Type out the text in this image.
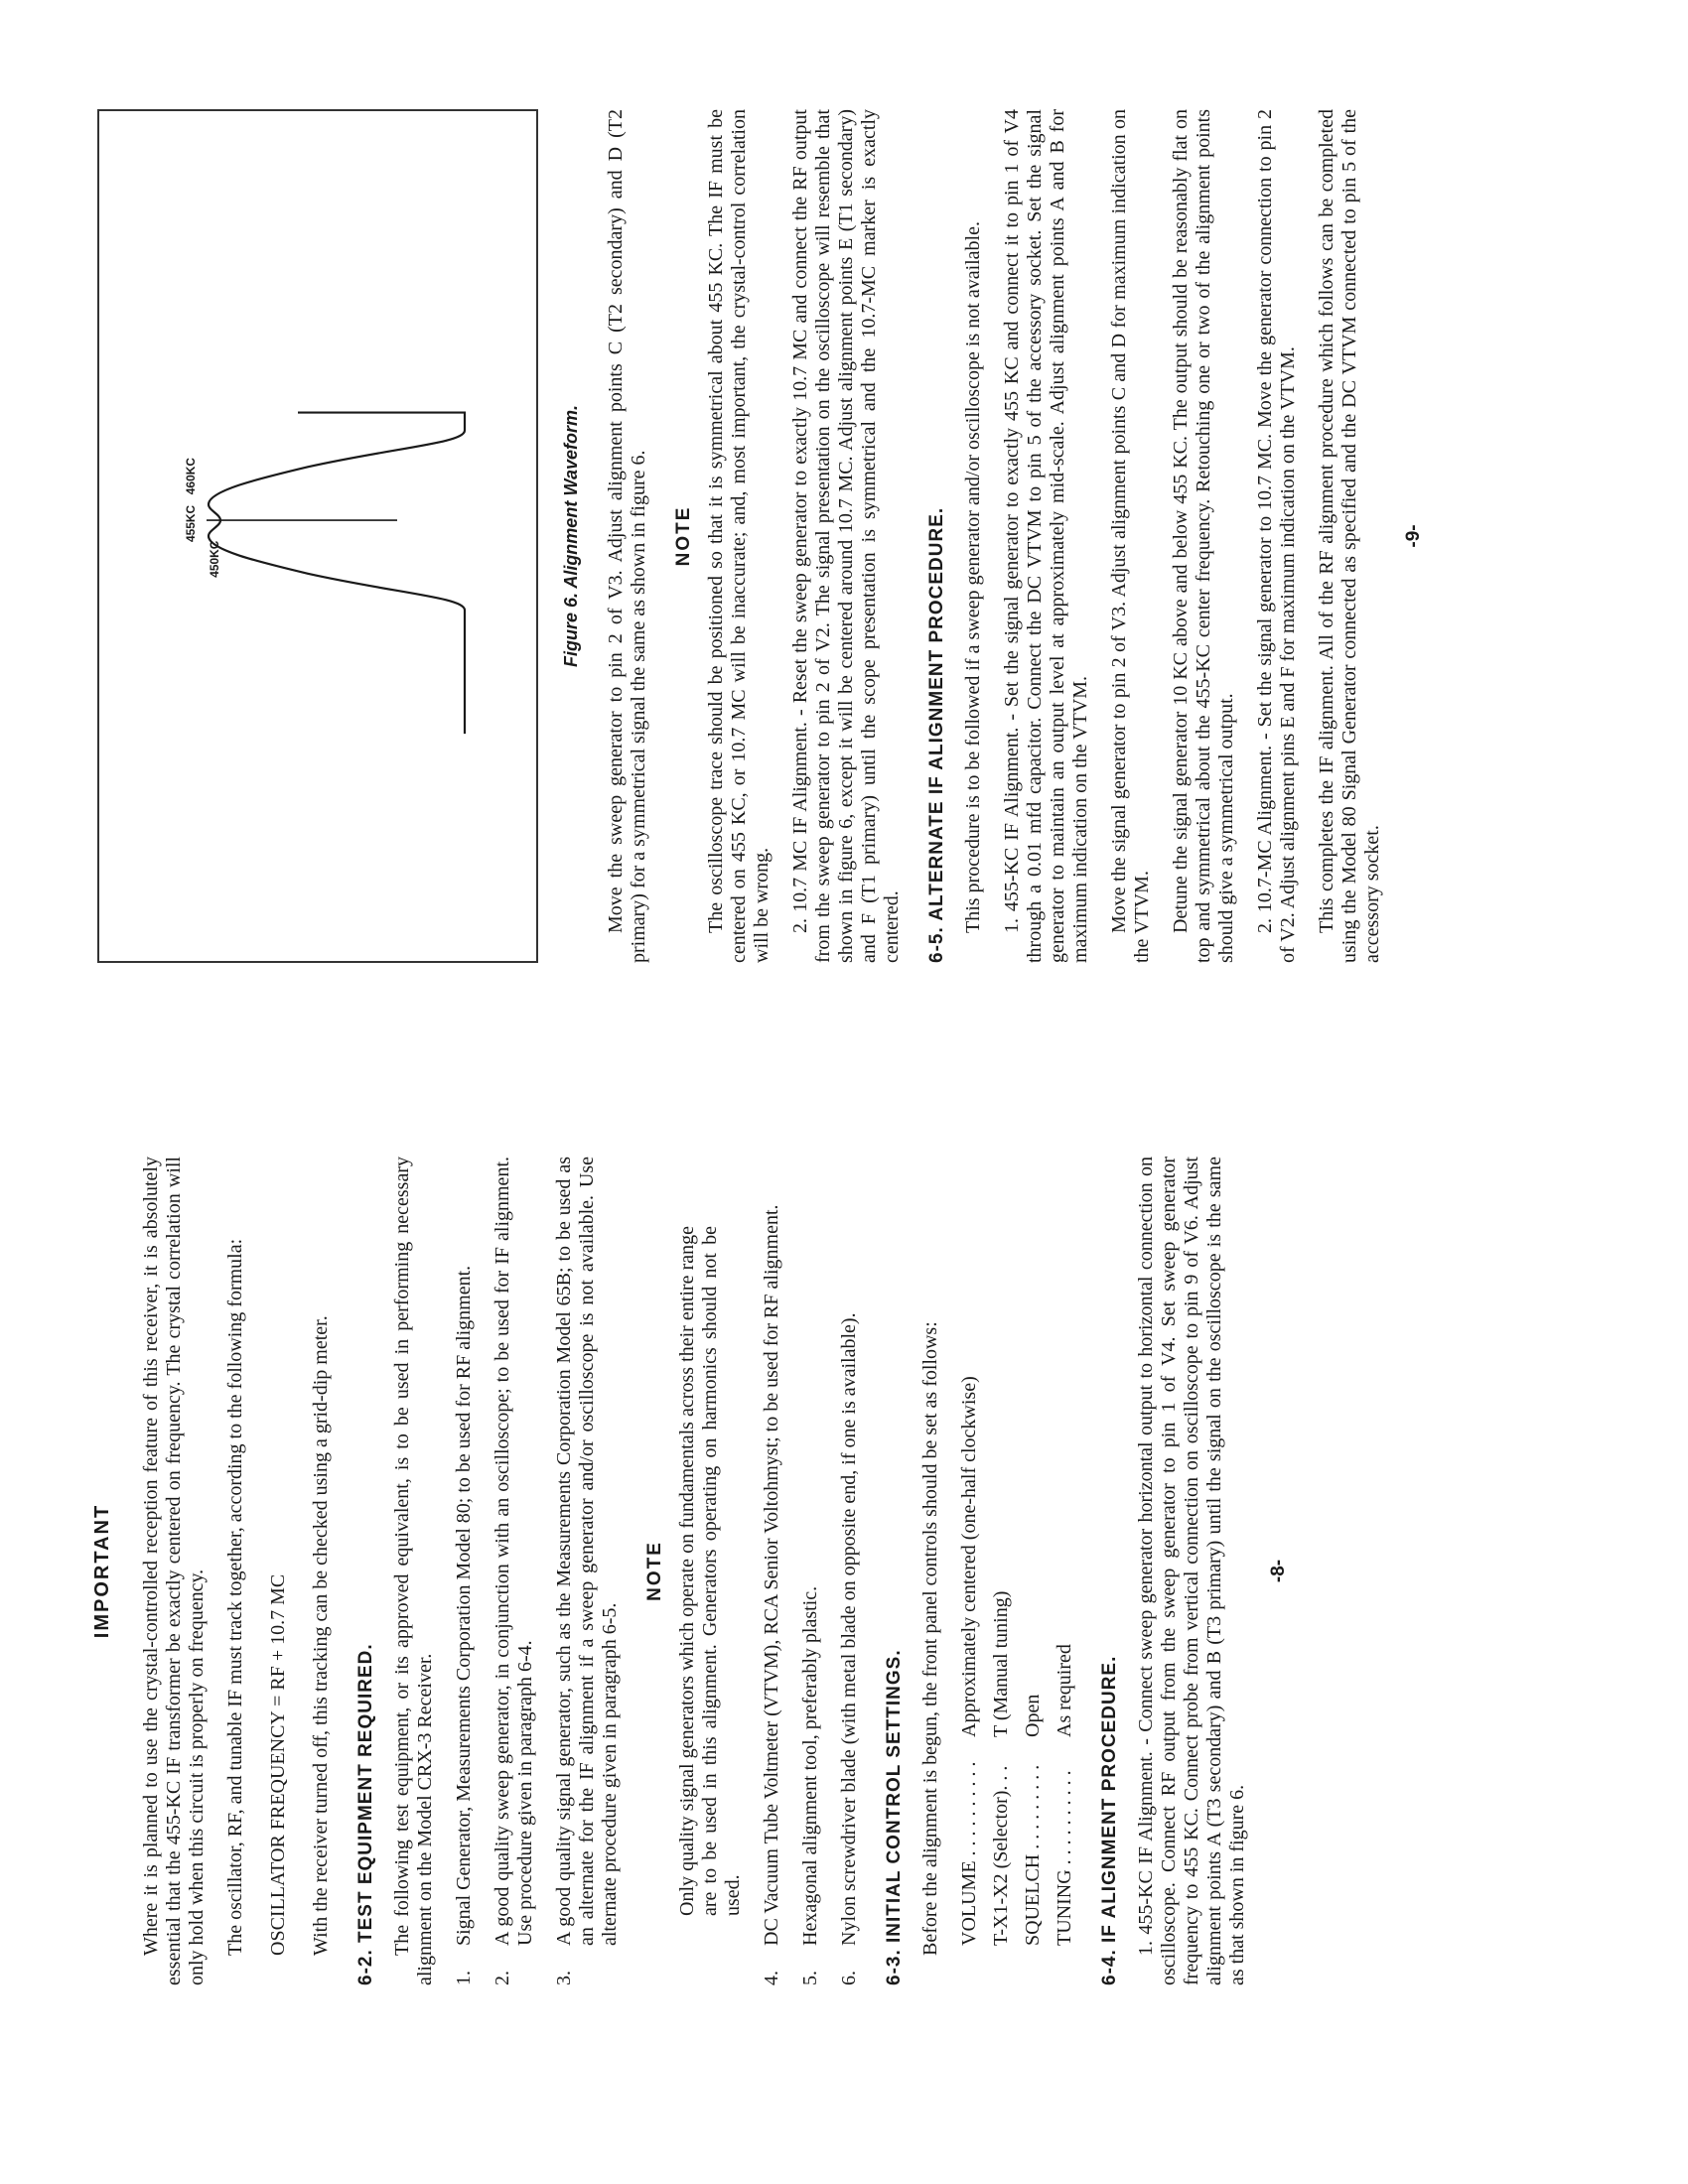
IMPORTANT Where it is planned to use the crystal-controlled reception feature of this receiver, it is absolutely essential that the 455-KC IF transformer be exactly centered on frequency. The crystal correlation will only hold when this circuit is properly on frequency. The oscillator, RF, and tunable IF must track together, according to the following formula: OSCILLATOR FREQUENCY = RF + 10.7 MC With the receiver turned off, this tracking can be checked using a grid-dip meter. 6-2. TEST EQUIPMENT REQUIRED. The following test equipment, or its approved equivalent, is to be used in performing necessary alignment on the Model CRX-3 Receiver. 1.
Signal Generator, Measurements Corporation Model 80; to be used for RF alignment.
2.
A good quality sweep generator, in conjunction with an oscilloscope; to be used for IF alignment. Use procedure given in paragraph 6-4.
3.
A good quality signal generator, such as the Measurements Corporation Model 65B; to be used as an alternate for the IF alignment if a sweep generator and/or oscilloscope is not available. Use alternate procedure given in paragraph 6-5.
NOTE Only quality signal generators which operate on fundamentals across their entire range are to be used in this alignment. Generators operating on harmonics should not be used.

4.
DC Vacuum Tube Voltmeter (VTVM), RCA Senior Voltohmyst; to be used for RF alignment.
5.
Hexagonal alignment tool, preferably plastic.
6.
Nylon screwdriver blade (with metal blade on opposite end, if one is available). 6-3. INITIAL CONTROL SETTINGS. Before the alignment is begun, the front panel controls should be set as follows: VOLUME . . . . . . . . . .
Approximately centered (one-half clockwise)
T-X1-X2 (Selector). . .
T (Manual tuning)
SQUELCH . . . . . . . . .
Open
TUNING . . . . . . . . . .
As required 6-4. IF ALIGNMENT PROCEDURE. 1. 455-KC IF Alignment. - Connect sweep generator horizontal output to horizontal connection on oscilloscope. Connect RF output from the sweep generator to pin 1 of V4. Set sweep generator frequency to 455 KC. Connect probe from vertical connection on oscilloscope to pin 9 of V6. Adjust alignment points A (T3 secondary) and B (T3 primary) until the signal on the oscilloscope is the same as that shown in figure 6.

-8-
450KC
455KC
460KC	Figure 6. Alignment Waveform. Move the sweep generator to pin 2 of V3. Adjust alignment points C (T2 secondary) and D (T2 primary) for a symmetrical signal the same as shown in figure 6. NOTE The oscilloscope trace should be positioned so that it is symmetrical about 455 KC. The IF must be centered on 455 KC, or 10.7 MC will be inaccurate; and, most important, the crystal-control correlation will be wrong. 2. 10.7 MC IF Alignment. - Reset the sweep generator to exactly 10.7 MC and connect the RF output from the sweep generator to pin 2 of V2. The signal presentation on the oscilloscope will resemble that shown in figure 6, except it will be centered around 10.7 MC. Adjust alignment points E (T1 secondary) and F (T1 primary) until the scope presentation is symmetrical and the 10.7-MC marker is exactly centered. 6-5. ALTERNATE IF ALIGNMENT PROCEDURE. This procedure is to be followed if a sweep generator and/or oscilloscope is not available. 1. 455-KC IF Alignment. - Set the signal generator to exactly 455 KC and connect it to pin 1 of V4 through a 0.01 mfd capacitor. Connect the DC VTVM to pin 5 of the accessory socket. Set the signal generator to maintain an output level at approximately mid-scale. Adjust alignment points A and B for maximum indication on the VTVM. Move the signal generator to pin 2 of V3. Adjust alignment points C and D for maximum indication on the VTVM. Detune the signal generator 10 KC above and below 455 KC. The output should be reasonably flat on top and symmetrical about the 455-KC center frequency. Retouching one or two of the alignment points should give a symmetrical output. 2. 10.7-MC Alignment. - Set the signal generator to 10.7 MC. Move the generator connection to pin 2 of V2. Adjust alignment pins E and F for maximum indication on the VTVM. This completes the IF alignment. All of the RF alignment procedure which follows can be completed using the Model 80 Signal Generator connected as specified and the DC VTVM connected to pin 5 of the accessory socket.

-9-
